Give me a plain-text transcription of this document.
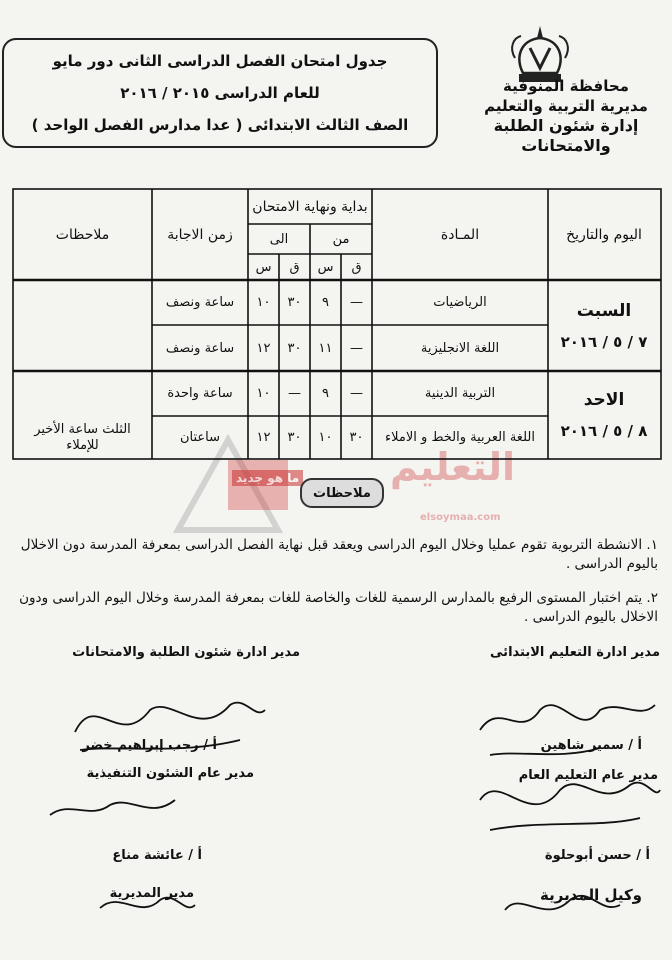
التعليم
ما هو جديد
elsoymaa.com
جدول امتحان الفصل الدراسى الثانى دور مايو
للعام الدراسى ٢٠١٥ / ٢٠١٦
الصف الثالث الابتدائى ( عدا مدارس الفصل الواحد )
محافظة المنوفية
مديرية التربية والتعليم
إدارة شئون الطلبة والامتحانات
اليوم والتاريخ
المـادة
بداية ونهاية الامتحان
من
الى
ق
س
ق
س
زمن الاجابة
ملاحظات
السبت
٧ / ٥ / ٢٠١٦
الاحد
٨ / ٥ / ٢٠١٦
الرياضيات
—
٩
٣٠
١٠
ساعة ونصف
اللغة الانجليزية
—
١١
٣٠
١٢
ساعة ونصف
التربية الدينية
—
٩
—
١٠
ساعة واحدة
اللغة العربية والخط و الاملاء
٣٠
١٠
٣٠
١٢
ساعتان
الثلث ساعة الأخير للإملاء
ملاحظات
١. الانشطة التربوية تقوم عمليا وخلال اليوم الدراسى ويعقد قبل نهاية الفصل الدراسى بمعرفة المدرسة دون الاخلال باليوم الدراسى .
٢. يتم اختبار المستوى الرفيع بالمدارس الرسمية للغات والخاصة للغات بمعرفة المدرسة وخلال اليوم الدراسى ودون الاخلال باليوم الدراسى .
مدير ادارة التعليم الابتدائى
أ / سمير شاهين
مدير ادارة شئون الطلبة والامتحانات
أ / رجب إبراهيم خضر
مدير عام التعليم العام
أ / حسن أبوحلوة
مدير عام الشئون التنفيذية
أ / عائشة مناع
وكيل المديرية
مدير المديرية
